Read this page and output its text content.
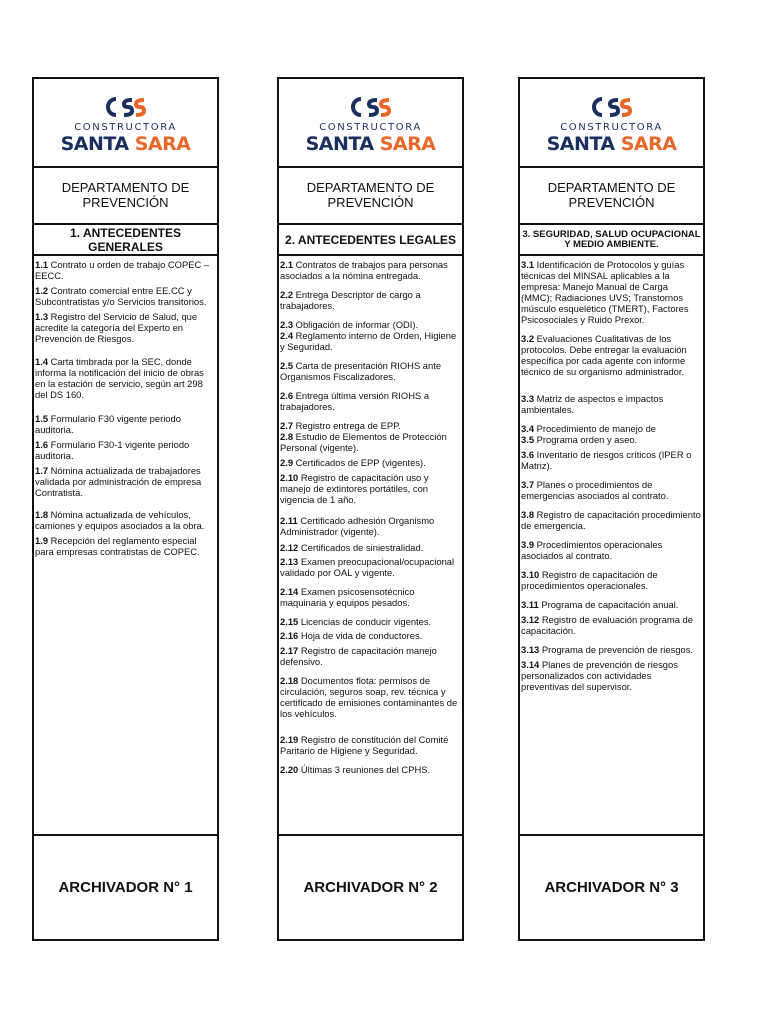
CONSTRUCTORA
SANTA SARA
DEPARTAMENTO DE PREVENCIÓN
1. ANTECEDENTES GENERALES

1.1 Contrato u orden de trabajo COPEC – EECC.

1.2 Contrato comercial entre EE.CC y Subcontratistas y/o Servicios transitorios.

1.3 Registro del Servicio de Salud, que acredite la categoría del Experto en Prevención de Riesgos.

1.4 Carta timbrada por la SEC, donde informa la notificación del inicio de obras en la estación de servicio, según art 298 del DS 160.

1.5 Formulario F30 vigente periodo auditoria.

1.6 Formulario F30-1 vigente periodo auditoria.

1.7 Nómina actualizada de trabajadores validada por administración de empresa Contratista.

1.8 Nómina actualizada de vehículos, camiones y equipos asociados a la obra.

1.9 Recepción del reglamento especial para empresas contratistas de COPEC.

ARCHIVADOR N° 1
CONSTRUCTORA
SANTA SARA
DEPARTAMENTO DE PREVENCIÓN
2. ANTECEDENTES LEGALES

2.1 Contratos de trabajos para personas asociados a la nómina entregada.

2.2 Entrega Descriptor de cargo a trabajadores.

2.3 Obligación de informar (ODI).

2.4 Reglamento interno de Orden, Higiene y Seguridad.

2.5 Carta de presentación RIOHS ante Organismos Fiscalizadores.

2.6 Entrega última versión RIOHS a trabajadores.

2.7 Registro entrega de EPP.

2.8 Estudio de Elementos de Protección Personal (vigente).

2.9 Certificados de EPP (vigentes).

2.10 Registro de capacitación uso y manejo de extintores portátiles, con vigencia de 1 año.

2.11 Certificado adhesión Organismo Administrador (vigente).

2.12 Certificados de siniestralidad.

2.13 Examen preocupacional/ocupacional validado por OAL y vigente.

2.14 Examen psicosensotécnico maquinaria y equipos pesados.

2.15 Licencias de conducir vigentes.

2.16 Hoja de vida de conductores.

2.17 Registro de capacitación manejo defensivo.

2.18 Documentos flota: permisos de circulación, seguros soap, rev. técnica y certificado de emisiones contaminantes de los vehículos.

2.19 Registro de constitución del Comité Paritario de Higiene y Seguridad.

2.20 Últimas 3 reuniones del CPHS.

ARCHIVADOR N° 2
CONSTRUCTORA
SANTA SARA
DEPARTAMENTO DE PREVENCIÓN
3. SEGURIDAD, SALUD OCUPACIONAL Y MEDIO AMBIENTE.

3.1 Identificación de Protocolos y guías técnicas del MINSAL aplicables a la empresa: Manejo Manual de Carga (MMC); Radiaciones UVS; Transtornos músculo esquelético (TMERT), Factores Psicosociales y Ruido Prexor.

3.2 Evaluaciones Cualitativas de los protocolos. Debe entregar la evaluación específica por cada agente con informe técnico de su organismo administrador.

3.3 Matriz de aspectos e impactos ambientales.

3.4 Procedimiento de manejo de

3.5 Programa orden y aseo.

3.6 Inventario de riesgos críticos (IPER o Matriz).

3.7 Planes o procedimientos de emergencias asociados al contrato.

3.8 Registro de capacitación procedimiento de emergencia.

3.9 Procedimientos operacionales asociados al contrato.

3.10 Registro de capacitación de procedimientos operacionales.

3.11 Programa de capacitación anual.

3.12 Registro de evaluación programa de capacitación.

3.13 Programa de prevención de riesgos.

3.14 Planes de prevención de riesgos personalizados con actividades preventivas del supervisor.

ARCHIVADOR N° 3
